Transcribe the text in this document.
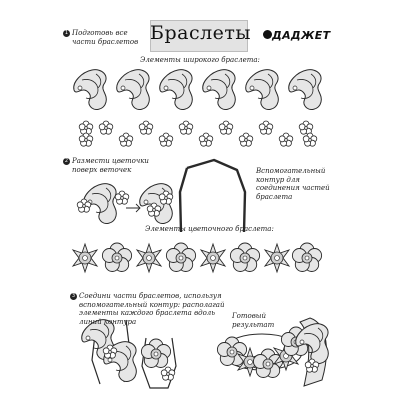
Браслеты ДАДЖЕТ
1 Подготовь все
части браслетов
Элементы широкого браслета:
2 Размести цветочки
поверх веточек	Вспомогательный
контур для
соединения частей
браслета
Элементы цветочного браслета:
3 Соедини части браслетов, используя
вспомогательный контур: располагай
элементы каждого браслета вдоль
линий контура
Готовый
результат
